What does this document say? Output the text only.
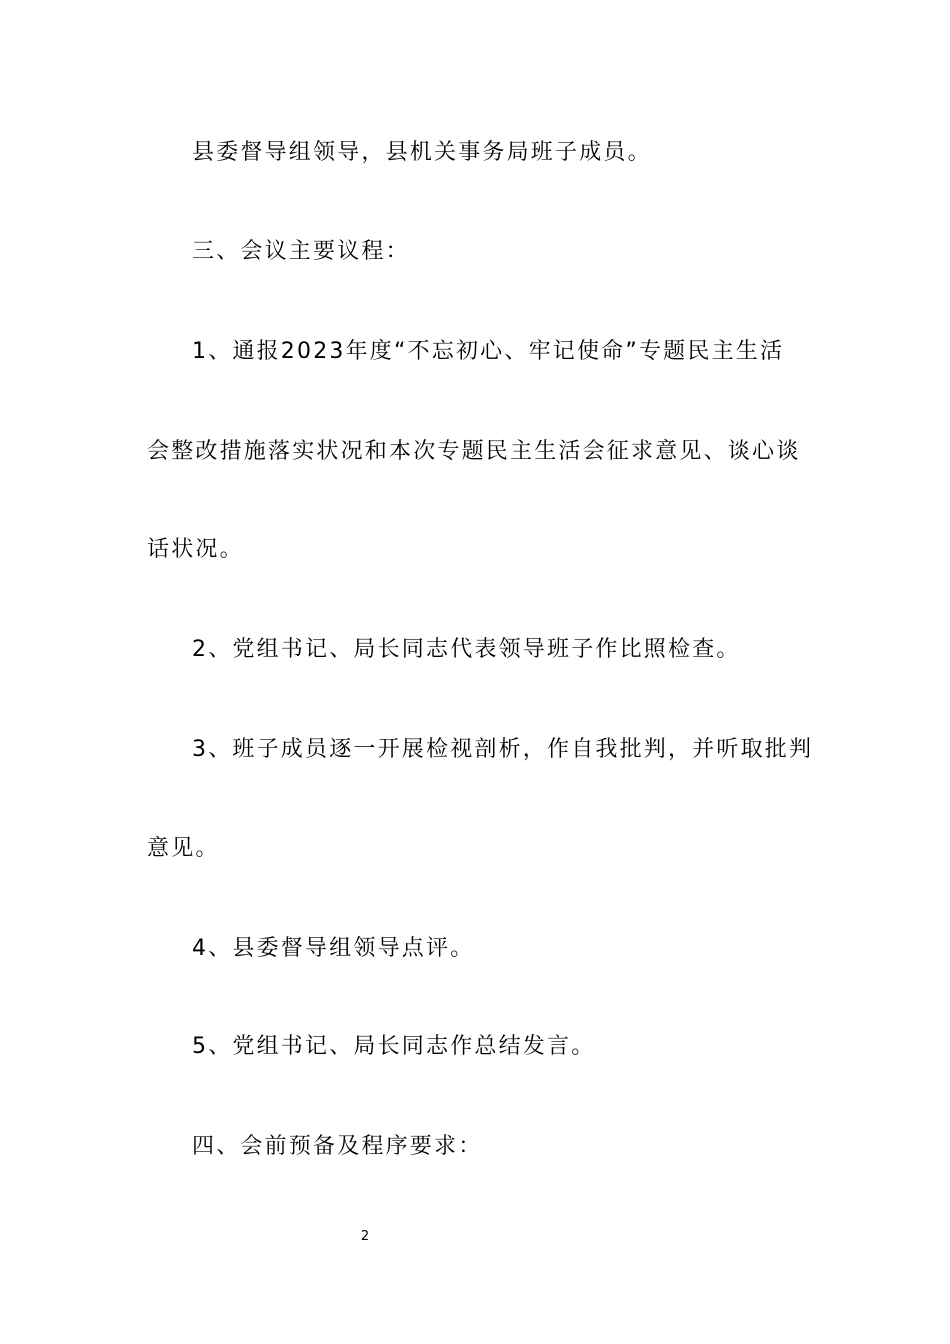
县委督导组领导，县机关事务局班子成员。
三、会议主要议程：
1、通报2023年度“不忘初心、牢记使命”专题民主生活
会整改措施落实状况和本次专题民主生活会征求意见、谈心谈
话状况。
2、党组书记、局长同志代表领导班子作比照检查。
3、班子成员逐一开展检视剖析，作自我批判，并听取批判
意见。
4、县委督导组领导点评。
5、党组书记、局长同志作总结发言。
四、会前预备及程序要求：
2
